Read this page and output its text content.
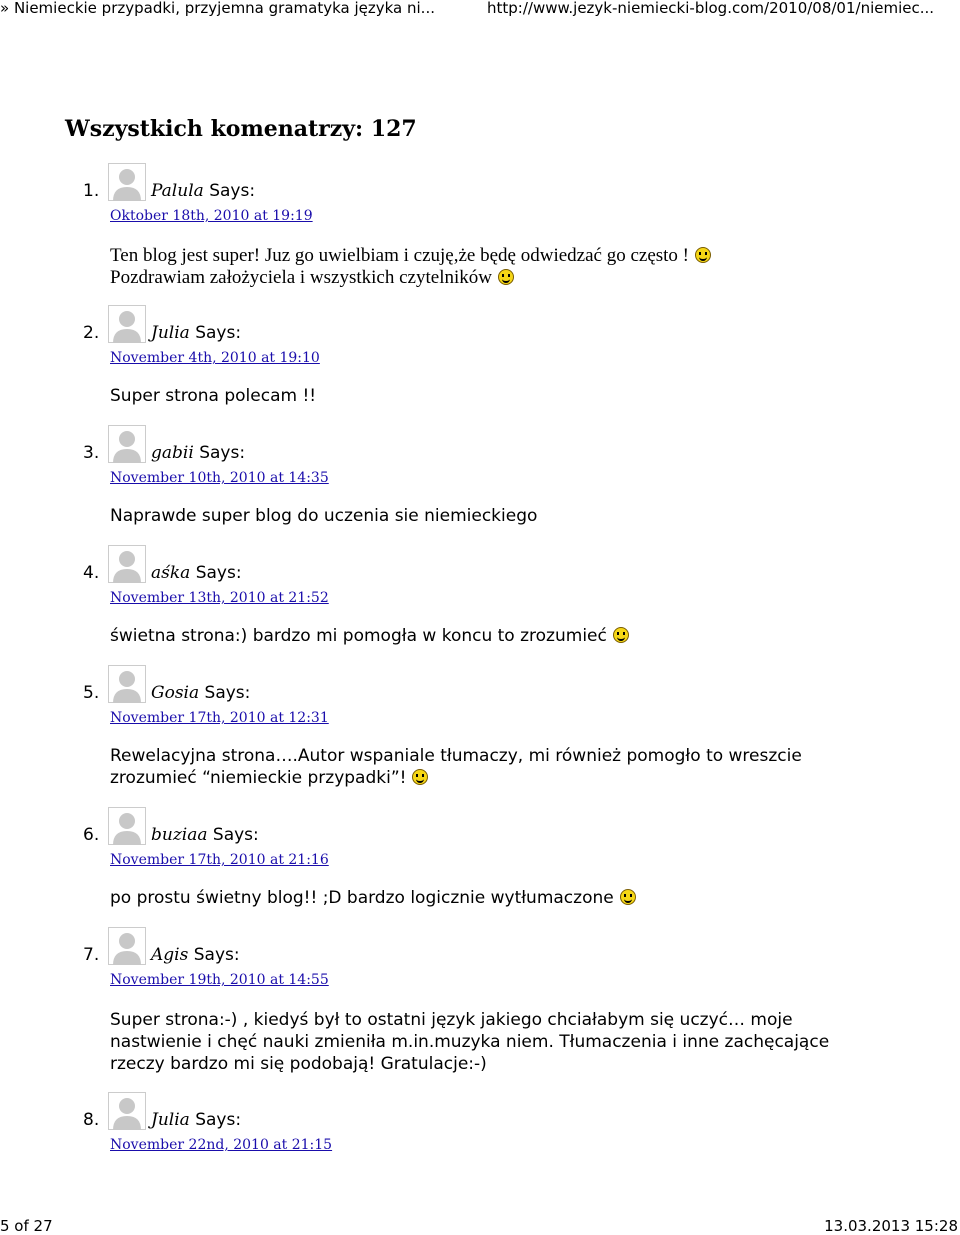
» Niemieckie przypadki, przyjemna gramatyka języka ni...	http://www.jezyk-niemiecki-blog.com/2010/08/01/niemiec...
Wszystkich komenatrzy: 127
1.	Palula Says:
Oktober 18th, 2010 at 19:19
Ten blog jest super! Juz go uwielbiam i czuję,że będę odwiedzać go często !
Pozdrawiam założyciela i wszystkich czytelników
2.	Julia Says:
November 4th, 2010 at 19:10
Super strona polecam !!
3.	gabii Says:
November 10th, 2010 at 14:35
Naprawde super blog do uczenia sie niemieckiego
4.	aśka Says:
November 13th, 2010 at 21:52
świetna strona:) bardzo mi pomogła w koncu to zrozumieć
5.	Gosia Says:
November 17th, 2010 at 12:31
Rewelacyjna strona….Autor wspaniale tłumaczy, mi również pomogło to wreszcie zrozumieć “niemieckie przypadki”!
6.	buziaa Says:
November 17th, 2010 at 21:16
po prostu świetny blog!! ;D bardzo logicznie wytłumaczone
7.	Agis Says:
November 19th, 2010 at 14:55
Super strona:-) , kiedyś był to ostatni język jakiego chciałabym się uczyć… moje nastwienie i chęć nauki zmieniła m.in.muzyka niem. Tłumaczenia i inne zachęcające rzeczy bardzo mi się podobają! Gratulacje:-)
8.	Julia Says:
November 22nd, 2010 at 21:15
5 of 27	13.03.2013 15:28
